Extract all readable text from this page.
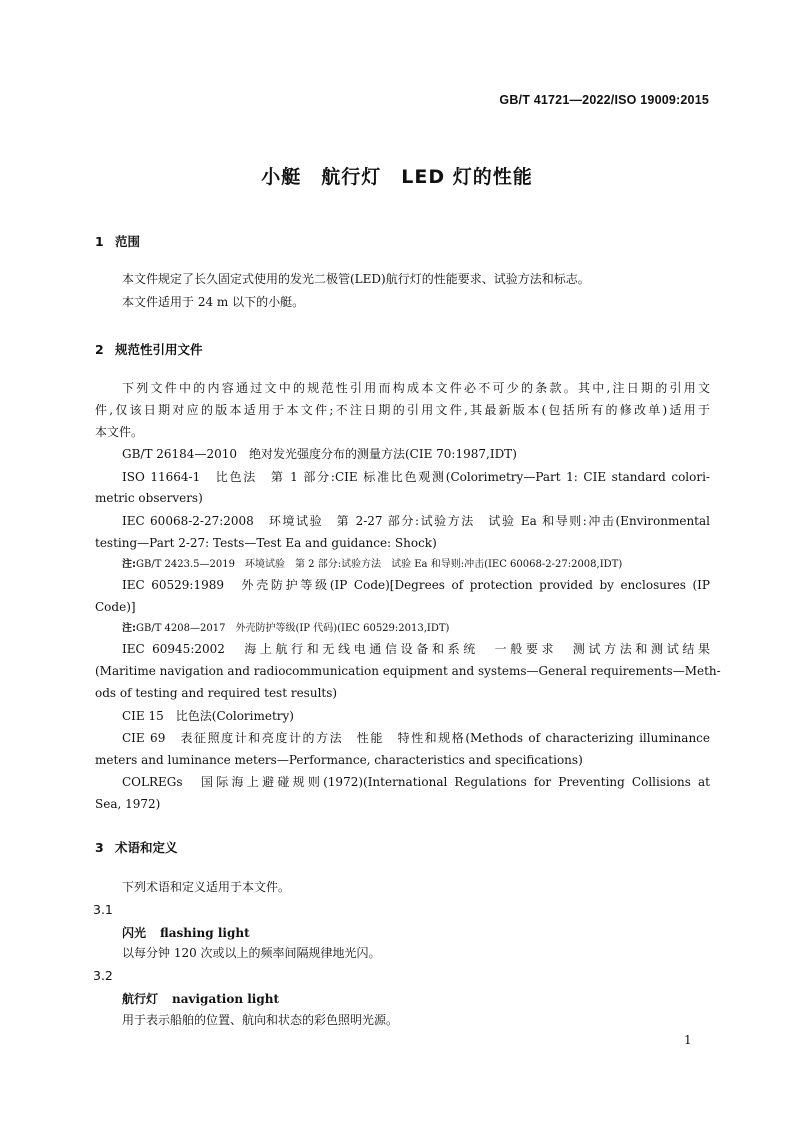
GB/T 41721—2022/ISO 19009:2015
小艇　航行灯　LED 灯的性能
1 范围
本文件规定了长久固定式使用的发光二极管(LED)航行灯的性能要求、试验方法和标志。
本文件适用于 24 m 以下的小艇。
2 规范性引用文件
下列文件中的内容通过文中的规范性引用而构成本文件必不可少的条款。其中,注日期的引用文
件,仅该日期对应的版本适用于本文件;不注日期的引用文件,其最新版本(包括所有的修改单)适用于
本文件。
GB/T 26184—2010　绝对发光强度分布的测量方法(CIE 70:1987,IDT)
ISO 11664-1　比色法　第 1 部分:CIE 标准比色观测(Colorimetry—Part 1: CIE standard colori-
metric observers)
IEC 60068-2-27:2008　环境试验　第 2-27 部分:试验方法　试验 Ea 和导则:冲击(Environmental
testing—Part 2-27: Tests—Test Ea and guidance: Shock)
注:GB/T 2423.5—2019　环境试验　第 2 部分:试验方法　试验 Ea 和导则:冲击(IEC 60068-2-27:2008,IDT)
IEC 60529:1989　外壳防护等级(IP Code)[Degrees of protection provided by enclosures (IP
Code)]
注:GB/T 4208—2017　外壳防护等级(IP 代码)(IEC 60529:2013,IDT)
IEC 60945:2002　海上航行和无线电通信设备和系统　一般要求　测试方法和测试结果
(Maritime navigation and radiocommunication equipment and systems—General requirements—Meth-
ods of testing and required test results)
CIE 15　比色法(Colorimetry)
CIE 69　表征照度计和亮度计的方法　性能　特性和规格(Methods of characterizing illuminance
meters and luminance meters—Performance, characteristics and specifications)
COLREGs　国际海上避碰规则(1972)(International Regulations for Preventing Collisions at
Sea, 1972)
3 术语和定义
下列术语和定义适用于本文件。
3.1
闪光 flashing light
以每分钟 120 次或以上的频率间隔规律地光闪。
3.2
航行灯 navigation light
用于表示船舶的位置、航向和状态的彩色照明光源。
1
